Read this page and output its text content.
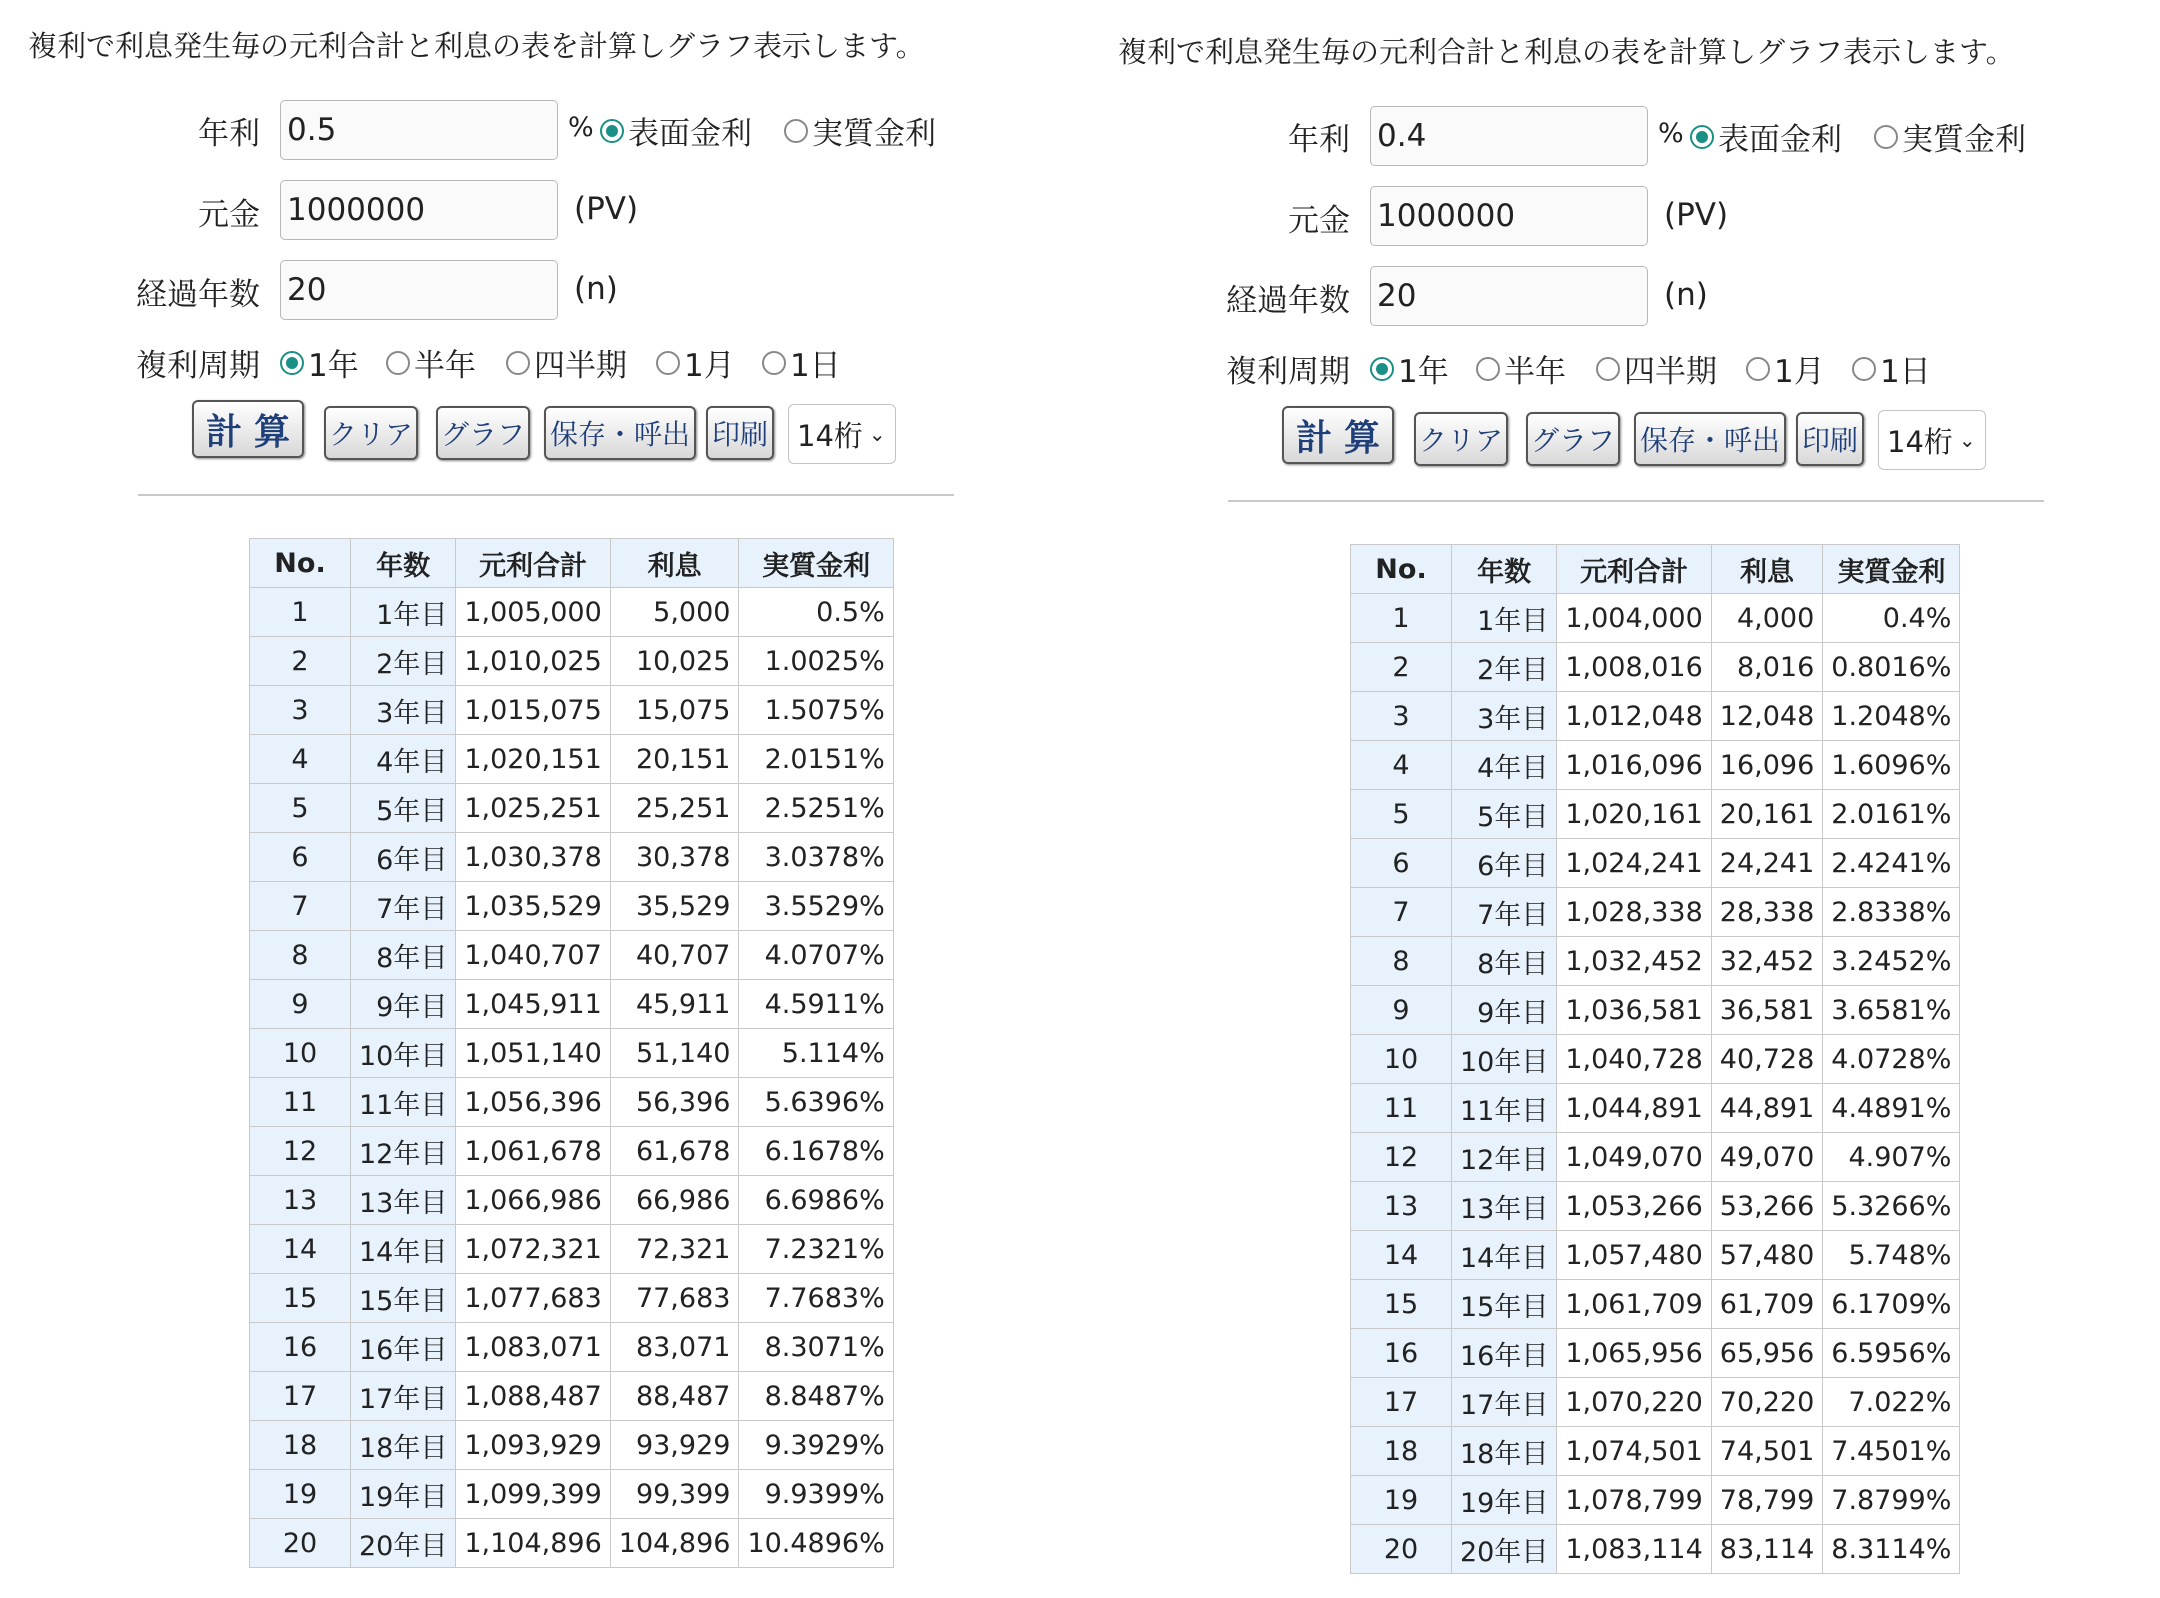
複利で利息発生毎の元利合計と利息の表を計算しグラフ表示します。
年利
0.5	% 表面金利 実質金利
元金
1000000	(PV)
経過年数
20	(n)
複利周期 1年 半年 四半期 1月 1日
計算 クリア グラフ 保存・呼出 印刷 14桁 ⌄
No.	年数	元利合計	利息	実質金利
1	1年目	1,005,000	5,000	0.5%
2	2年目	1,010,025	10,025	1.0025%
3	3年目	1,015,075	15,075	1.5075%
4	4年目	1,020,151	20,151	2.0151%
5	5年目	1,025,251	25,251	2.5251%
6	6年目	1,030,378	30,378	3.0378%
7	7年目	1,035,529	35,529	3.5529%
8	8年目	1,040,707	40,707	4.0707%
9	9年目	1,045,911	45,911	4.5911%
10	10年目	1,051,140	51,140	5.114%
11	11年目	1,056,396	56,396	5.6396%
12	12年目	1,061,678	61,678	6.1678%
13	13年目	1,066,986	66,986	6.6986%
14	14年目	1,072,321	72,321	7.2321%
15	15年目	1,077,683	77,683	7.7683%
16	16年目	1,083,071	83,071	8.3071%
17	17年目	1,088,487	88,487	8.8487%
18	18年目	1,093,929	93,929	9.3929%
19	19年目	1,099,399	99,399	9.9399%
20	20年目	1,104,896	104,896	10.4896%
複利で利息発生毎の元利合計と利息の表を計算しグラフ表示します。
年利
0.4	% 表面金利 実質金利
元金
1000000	(PV)
経過年数
20	(n)
複利周期 1年 半年 四半期 1月 1日
計算 クリア グラフ 保存・呼出 印刷 14桁 ⌄
No.	年数	元利合計	利息	実質金利
1	1年目	1,004,000	4,000	0.4%
2	2年目	1,008,016	8,016	0.8016%
3	3年目	1,012,048	12,048	1.2048%
4	4年目	1,016,096	16,096	1.6096%
5	5年目	1,020,161	20,161	2.0161%
6	6年目	1,024,241	24,241	2.4241%
7	7年目	1,028,338	28,338	2.8338%
8	8年目	1,032,452	32,452	3.2452%
9	9年目	1,036,581	36,581	3.6581%
10	10年目	1,040,728	40,728	4.0728%
11	11年目	1,044,891	44,891	4.4891%
12	12年目	1,049,070	49,070	4.907%
13	13年目	1,053,266	53,266	5.3266%
14	14年目	1,057,480	57,480	5.748%
15	15年目	1,061,709	61,709	6.1709%
16	16年目	1,065,956	65,956	6.5956%
17	17年目	1,070,220	70,220	7.022%
18	18年目	1,074,501	74,501	7.4501%
19	19年目	1,078,799	78,799	7.8799%
20	20年目	1,083,114	83,114	8.3114%
